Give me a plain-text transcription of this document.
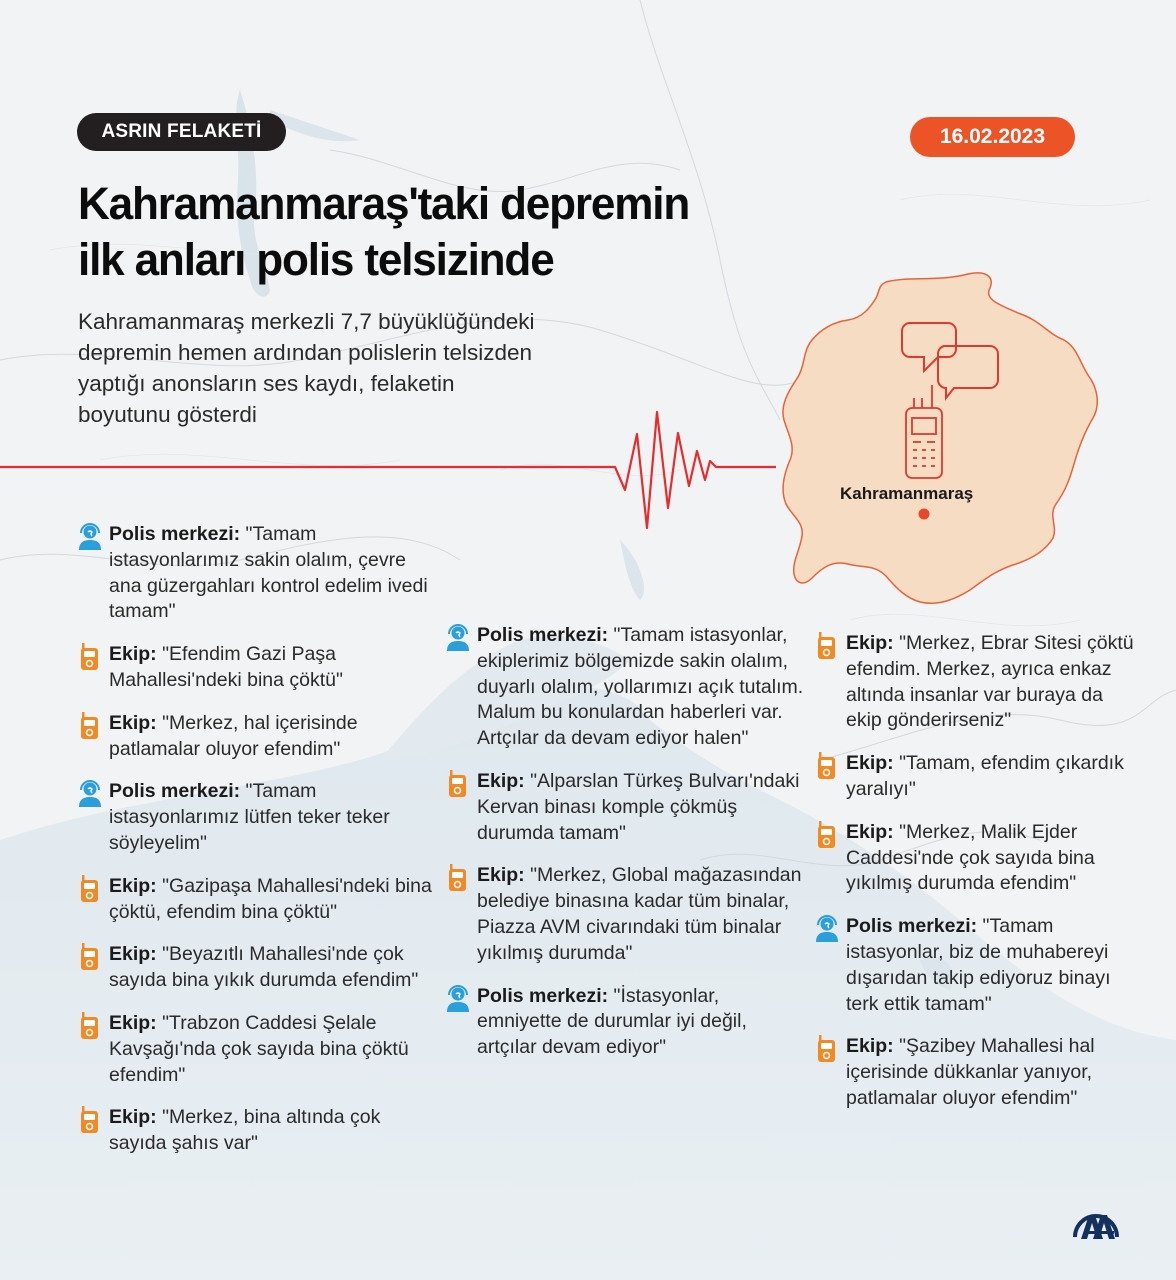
ASRIN FELAKETİ	16.02.2023
Kahramanmaraş'taki depremin
ilk anları polis telsizinde

Kahramanmaraş merkezli 7,7 büyüklüğündeki
depremin hemen ardından polislerin telsizden
yaptığı anonsların ses kaydı, felaketin
boyutunu gösterdi

Kahramanmaraş
Polis merkezi: "Tamam istasyonlarımız sakin olalım, çevre ana güzergahları kontrol edelim ivedi tamam"
Ekip: "Efendim Gazi Paşa Mahallesi'ndeki bina çöktü"
Ekip: "Merkez, hal içerisinde patlamalar oluyor efendim"
Polis merkezi: "Tamam istasyonlarımız lütfen teker teker söyleyelim"
Ekip: "Gazipaşa Mahallesi'ndeki bina çöktü, efendim bina çöktü"
Ekip: "Beyazıtlı Mahallesi'nde çok sayıda bina yıkık durumda efendim"
Ekip: "Trabzon Caddesi Şelale Kavşağı'nda çok sayıda bina çöktü efendim"
Ekip: "Merkez, bina altında çok sayıda şahıs var"
Polis merkezi: "Tamam istasyonlar, ekiplerimiz bölgemizde sakin olalım, duyarlı olalım, yollarımızı açık tutalım. Malum bu konulardan haberleri var. Artçılar da devam ediyor halen"
Ekip: "Alparslan Türkeş Bulvarı'ndaki Kervan binası komple çökmüş durumda tamam"
Ekip: "Merkez, Global mağazasından belediye binasına kadar tüm binalar, Piazza AVM civarındaki tüm binalar yıkılmış durumda"
Polis merkezi: "İstasyonlar, emniyette de durumlar iyi değil, artçılar devam ediyor"
Ekip: "Merkez, Ebrar Sitesi çöktü efendim. Merkez, ayrıca enkaz altında insanlar var buraya da ekip gönderirseniz"
Ekip: "Tamam, efendim çıkardık yaralıyı"
Ekip: "Merkez, Malik Ejder Caddesi'nde çok sayıda bina yıkılmış durumda efendim"
Polis merkezi: "Tamam istasyonlar, biz de muhabereyi dışarıdan takip ediyoruz binayı terk ettik tamam"
Ekip: "Şazibey Mahallesi hal içerisinde dükkanlar yanıyor, patlamalar oluyor efendim"
